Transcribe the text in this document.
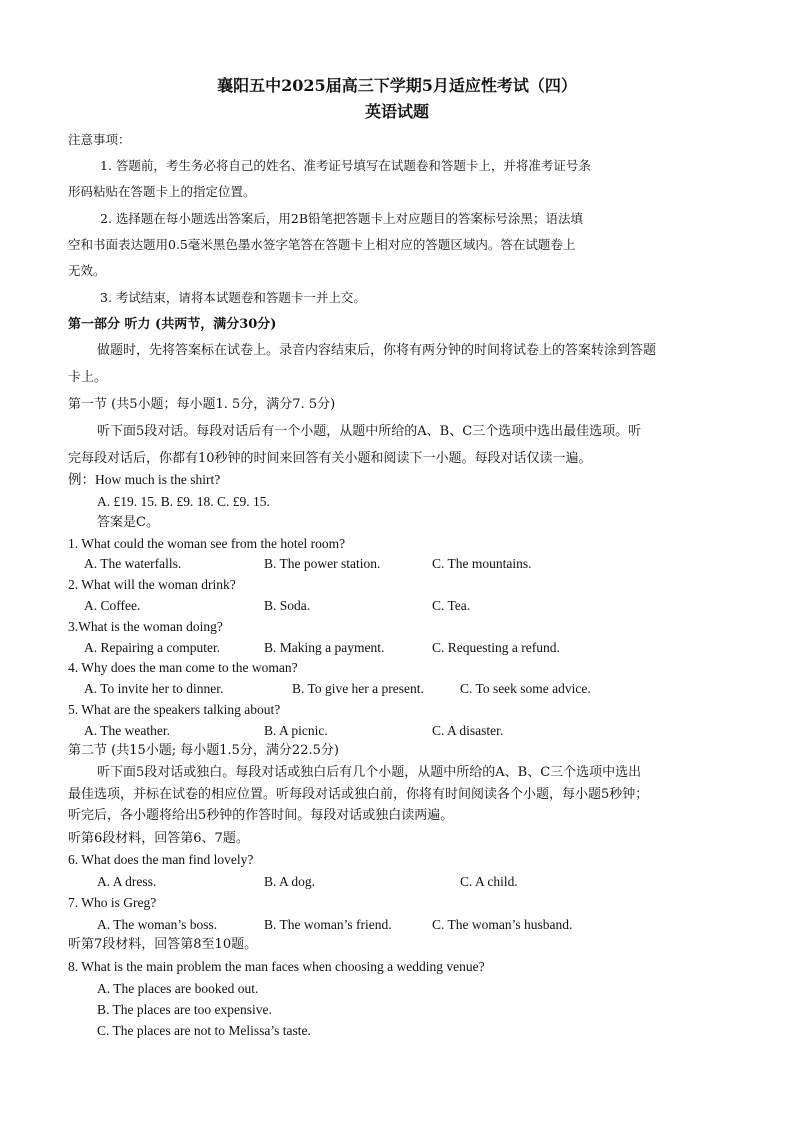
襄阳五中2025届高三下学期5月适应性考试（四）
英语试题
注意事项：
1. 答题前，考生务必将自己的姓名、准考证号填写在试题卷和答题卡上，并将准考证号条
形码粘贴在答题卡上的指定位置。
2. 选择题在每小题选出答案后，用2B铅笔把答题卡上对应题目的答案标号涂黑；语法填
空和书面表达题用0.5毫米黑色墨水签字笔答在答题卡上相对应的答题区域内。答在试题卷上
无效。
3. 考试结束，请将本试题卷和答题卡一并上交。
第一部分 听力 (共两节，满分30分)
做题时，先将答案标在试卷上。录音内容结束后，你将有两分钟的时间将试卷上的答案转涂到答题
卡上。
第一节 (共5小题；每小题1. 5分，满分7. 5分)
听下面5段对话。每段对话后有一个小题，从题中所给的A、B、C三个选项中选出最佳选项。听
完每段对话后，你都有10秒钟的时间来回答有关小题和阅读下一小题。每段对话仅读一遍。
例：How much is the shirt?
A. £19. 15. B. £9. 18. C. £9. 15.
答案是C。
1. What could the woman see from the hotel room?
A. The waterfalls.	B. The power station.	C. The mountains.
2. What will the woman drink?
A. Coffee.	B. Soda.	C. Tea.
3.What is the woman doing?
A. Repairing a computer.	B. Making a payment.	C. Requesting a refund.
4. Why does the man come to the woman?
A. To invite her to dinner.	B. To give her a present.	C. To seek some advice.
5. What are the speakers talking about?
A. The weather.	B. A picnic.	C. A disaster.
第二节 (共15小题; 每小题1.5分，满分22.5分)
听下面5段对话或独白。每段对话或独白后有几个小题，从题中所给的A、B、C三个选项中选出
最佳选项，并标在试卷的相应位置。听每段对话或独白前，你将有时间阅读各个小题，每小题5秒钟；
听完后，各小题将给出5秒钟的作答时间。每段对话或独白读两遍。
听第6段材料，回答第6、7题。
6. What does the man find lovely?
A. A dress.	B. A dog.	C. A child.
7. Who is Greg?
A. The woman’s boss.	B. The woman’s friend.	C. The woman’s husband.
听第7段材料，回答第8至10题。
8. What is the main problem the man faces when choosing a wedding venue?
A. The places are booked out.
B. The places are too expensive.
C. The places are not to Melissa’s taste.
